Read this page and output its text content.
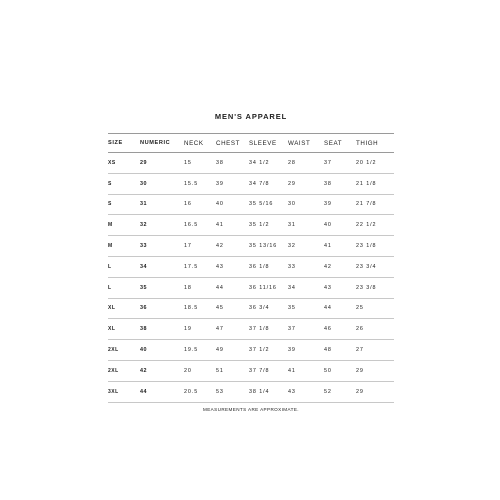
MEN'S APPAREL
SIZE	NUMERIC	NECK	CHEST	SLEEVE	WAIST	SEAT	THIGH
XS	29	15	38	34 1/2	28	37	20 1/2
S	30	15.5	39	34 7/8	29	38	21 1/8
S	31	16	40	35 5/16	30	39	21 7/8
M	32	16.5	41	35 1/2	31	40	22 1/2
M	33	17	42	35 13/16	32	41	23 1/8
L	34	17.5	43	36 1/8	33	42	23 3/4
L	35	18	44	36 11/16	34	43	23 3/8
XL	36	18.5	45	36 3/4	35	44	25
XL	38	19	47	37 1/8	37	46	26
2XL	40	19.5	49	37 1/2	39	48	27
2XL	42	20	51	37 7/8	41	50	29
3XL	44	20.5	53	38 1/4	43	52	29
MEASUREMENTS ARE APPROXIMATE.
